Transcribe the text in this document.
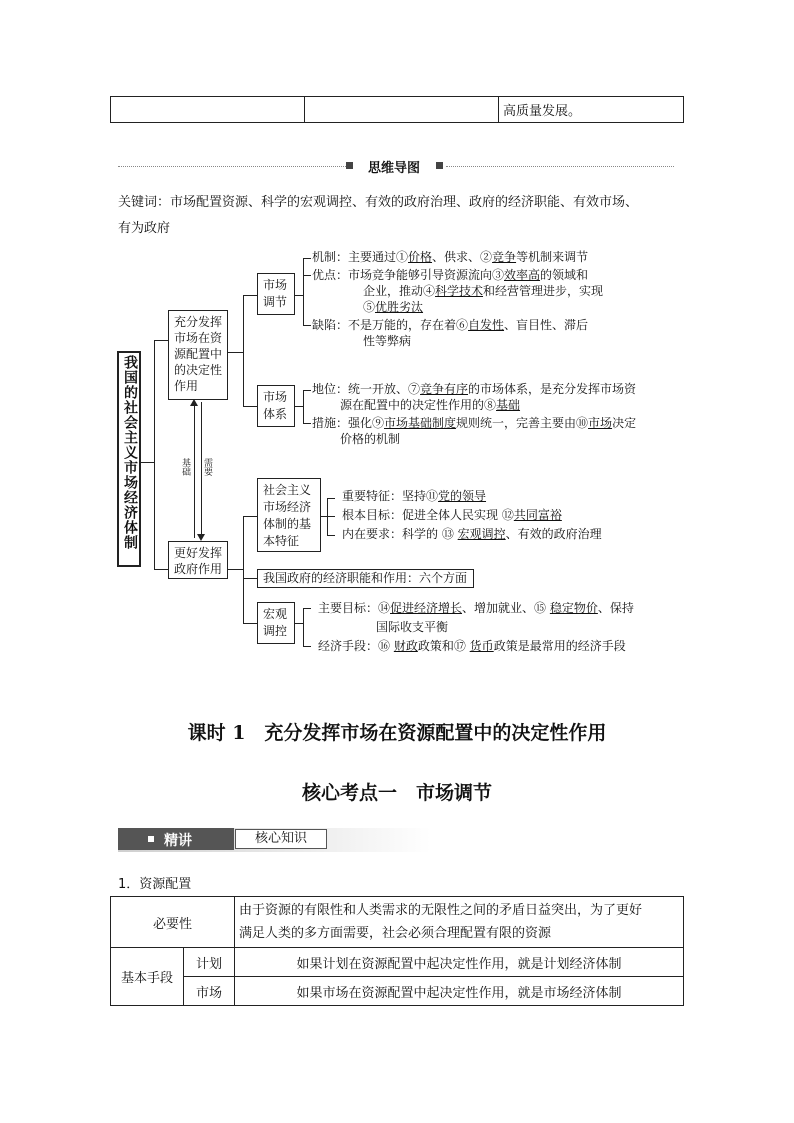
		高质量发展。
思维导图
关键词：市场配置资源、科学的宏观调控、有效的政府治理、政府的经济职能、有效市场、
有为政府
我国的社会主义市场经济体制
充分发挥
市场在资
源配置中
的决定性
作用
更好发挥
政府作用
基础 需要
市场
调节
机制：主要通过①价格、供求、②竞争等机制来调节
优点：市场竞争能够引导资源流向③效率高的领域和
企业，推动④科学技术和经营管理进步，实现
⑤优胜劣汰
缺陷：不是万能的，存在着⑥自发性、盲目性、滞后
性等弊病
市场
体系
地位：统一开放、⑦竞争有序的市场体系，是充分发挥市场资
源在配置中的决定性作用的⑧基础
措施：强化⑨市场基础制度规则统一，完善主要由⑩市场决定
价格的机制
社会主义
市场经济
体制的基
本特征
重要特征：坚持⑪党的领导
根本目标：促进全体人民实现 ⑫共同富裕
内在要求：科学的 ⑬ 宏观调控、有效的政府治理
我国政府的经济职能和作用：六个方面
宏观
调控
主要目标：⑭促进经济增长、增加就业、⑮ 稳定物价、保持
国际收支平衡
经济手段：⑯ 财政政策和⑰ 货币政策是最常用的经济手段
课时 1　充分发挥市场在资源配置中的决定性作用
核心考点一　市场调节
精讲	核心知识
1．资源配置
必要性		由于资源的有限性和人类需求的无限性之间的矛盾日益突出，为了更好
满足人类的多方面需要，社会必须合理配置有限的资源

基本手段	计划	如果计划在资源配置中起决定性作用，就是计划经济体制
	市场	如果市场在资源配置中起决定性作用，就是市场经济体制
